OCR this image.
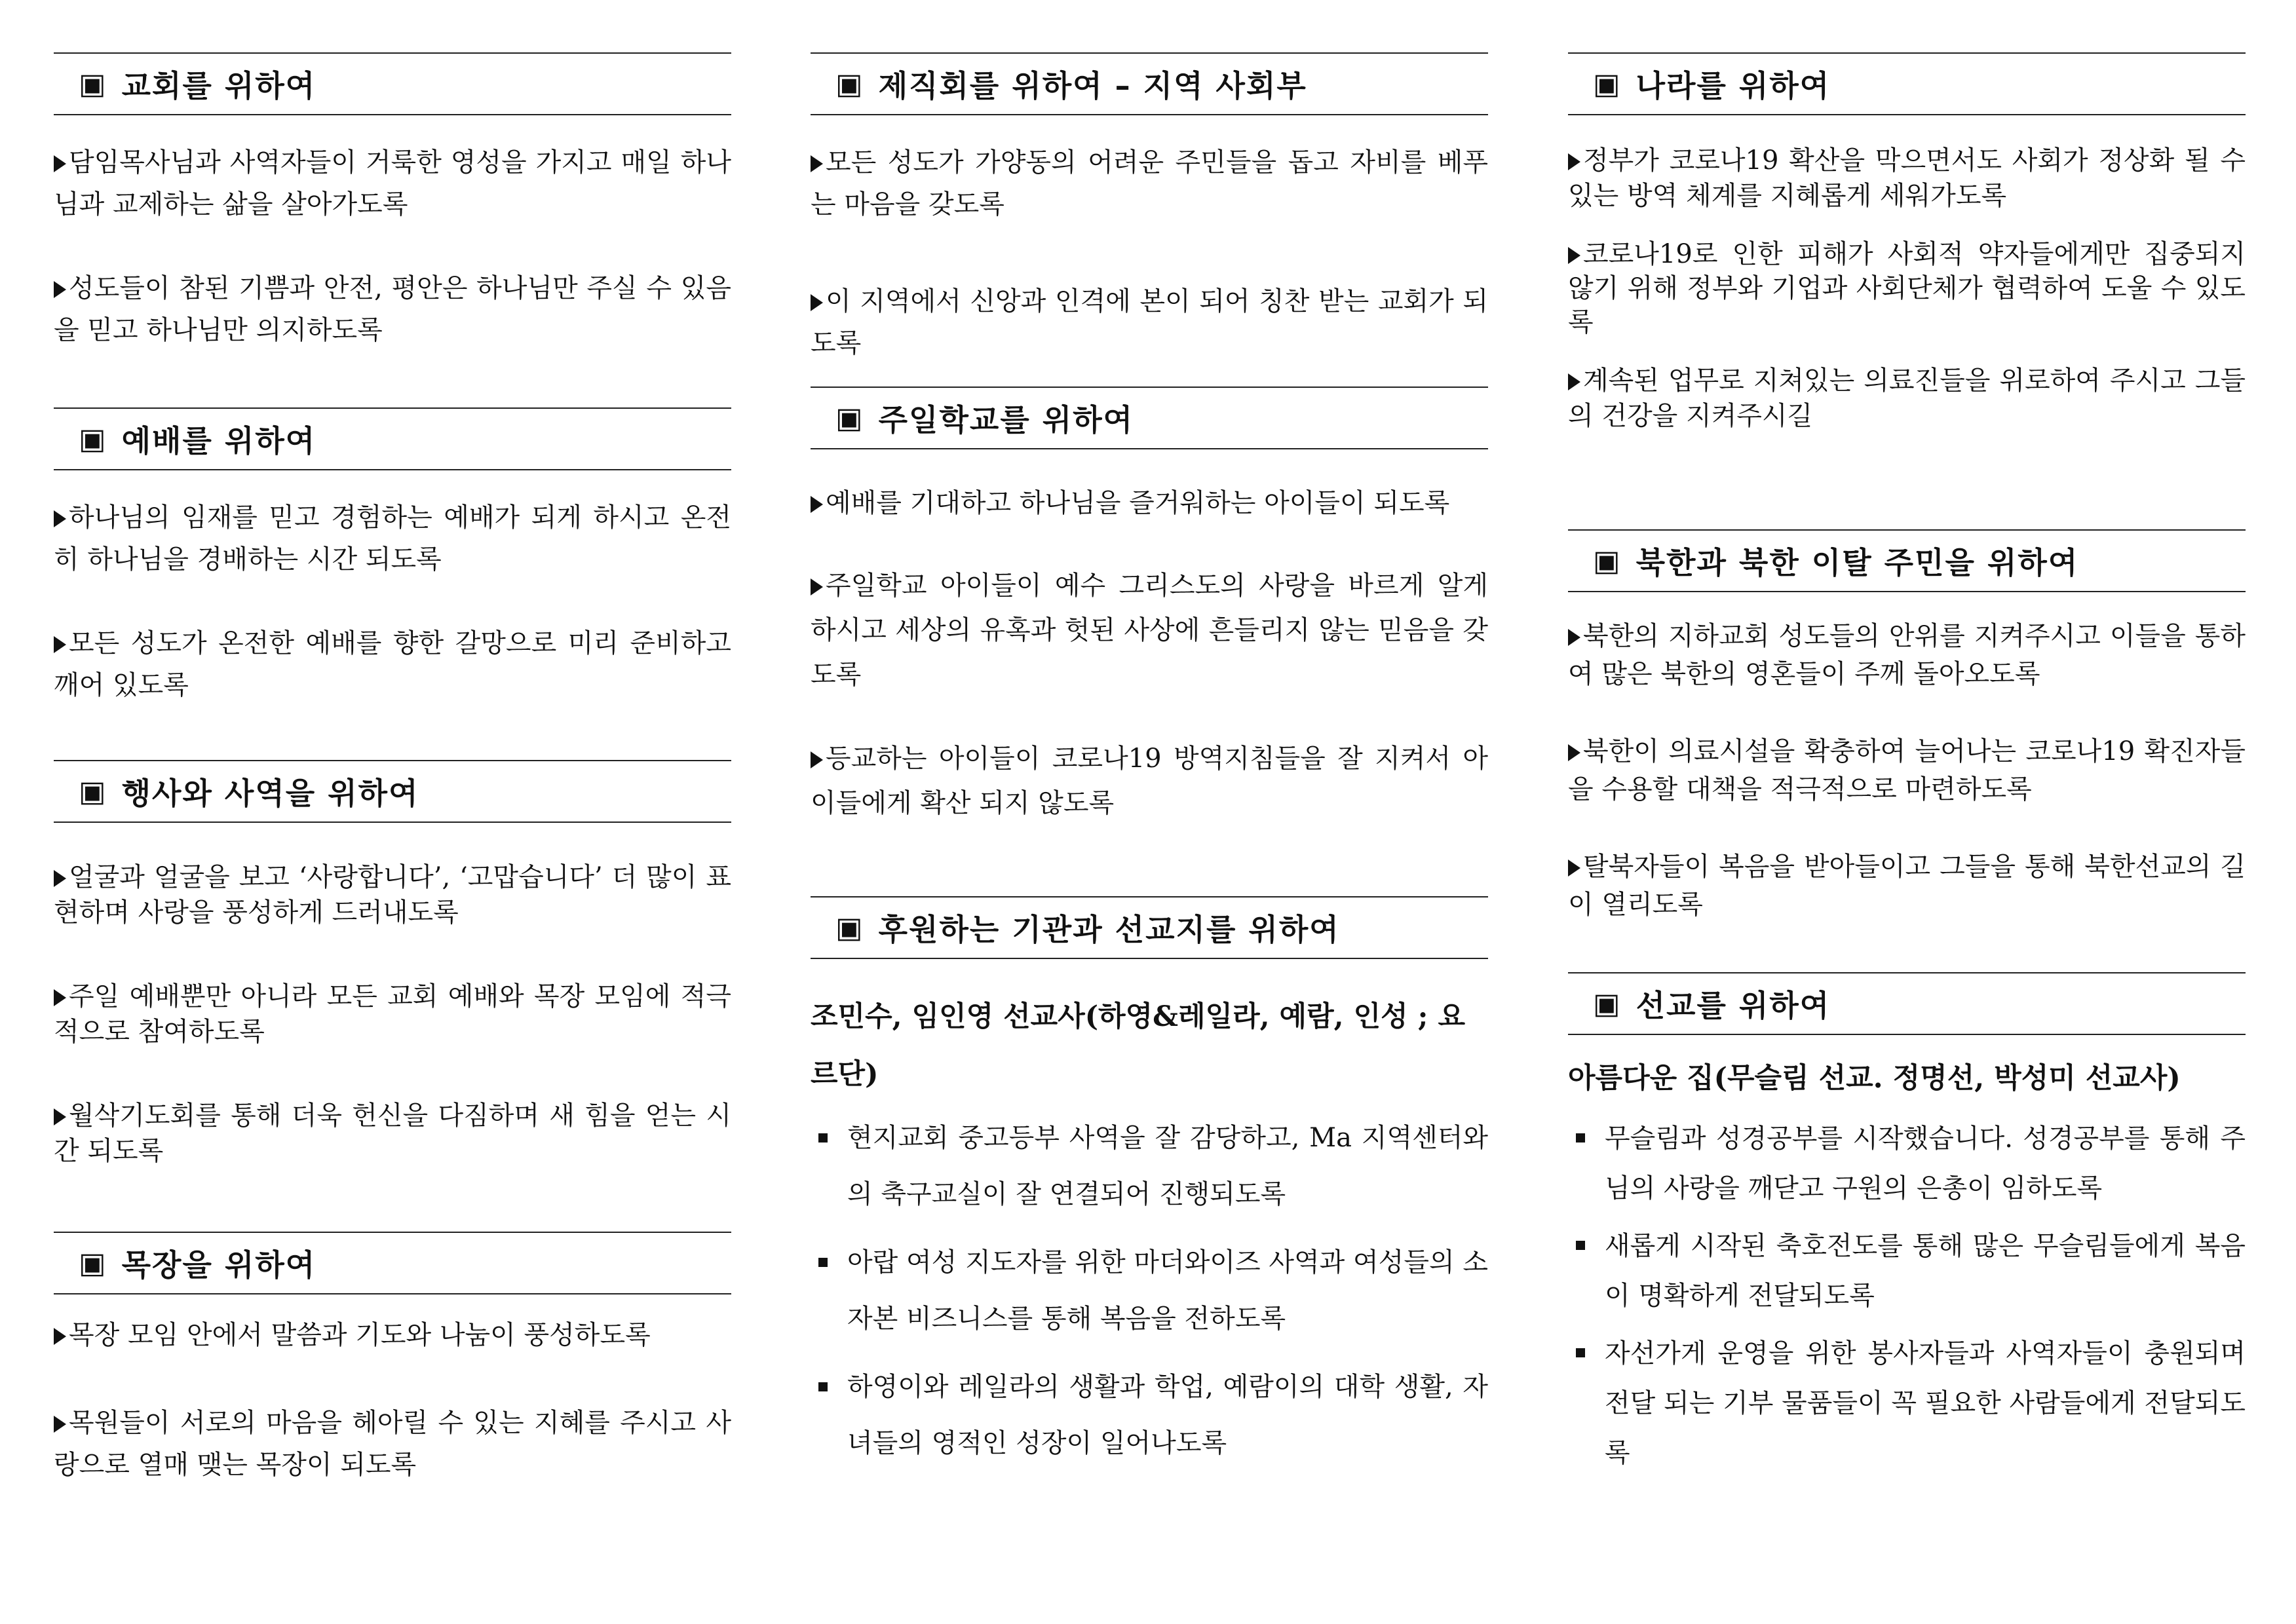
▣ 교회를 위하여
담임목사님과 사역자들이 거룩한 영성을 가지고 매일 하나님과 교제하는 삶을 살아가도록
성도들이 참된 기쁨과 안전, 평안은 하나님만 주실 수 있음을 믿고 하나님만 의지하도록
▣ 예배를 위하여
하나님의 임재를 믿고 경험하는 예배가 되게 하시고 온전히 하나님을 경배하는 시간 되도록
모든 성도가 온전한 예배를 향한 갈망으로 미리 준비하고 깨어 있도록
▣ 행사와 사역을 위하여
얼굴과 얼굴을 보고 ‘사랑합니다’, ‘고맙습니다’ 더 많이 표현하며 사랑을 풍성하게 드러내도록
주일 예배뿐만 아니라 모든 교회 예배와 목장 모임에 적극적으로 참여하도록
월삭기도회를 통해 더욱 헌신을 다짐하며 새 힘을 얻는 시간 되도록
▣ 목장을 위하여
목장 모임 안에서 말씀과 기도와 나눔이 풍성하도록
목원들이 서로의 마음을 헤아릴 수 있는 지혜를 주시고 사랑으로 열매 맺는 목장이 되도록
▣ 제직회를 위하여 – 지역 사회부
모든 성도가 가양동의 어려운 주민들을 돕고 자비를 베푸는 마음을 갖도록
이 지역에서 신앙과 인격에 본이 되어 칭찬 받는 교회가 되도록
▣ 주일학교를 위하여
예배를 기대하고 하나님을 즐거워하는 아이들이 되도록
주일학교 아이들이 예수 그리스도의 사랑을 바르게 알게 하시고 세상의 유혹과 헛된 사상에 흔들리지 않는 믿음을 갖도록
등교하는 아이들이 코로나19 방역지침들을 잘 지켜서 아이들에게 확산 되지 않도록
▣ 후원하는 기관과 선교지를 위하여
조민수, 임인영 선교사(하영&레일라, 예람, 인성 ; 요르단)
현지교회 중고등부 사역을 잘 감당하고, Ma 지역센터와의 축구교실이 잘 연결되어 진행되도록
아랍 여성 지도자를 위한 마더와이즈 사역과 여성들의 소자본 비즈니스를 통해 복음을 전하도록
하영이와 레일라의 생활과 학업, 예람이의 대학 생활, 자녀들의 영적인 성장이 일어나도록
▣ 나라를 위하여
정부가 코로나19 확산을 막으면서도 사회가 정상화 될 수 있는 방역 체계를 지혜롭게 세워가도록
코로나19로 인한 피해가 사회적 약자들에게만 집중되지 않기 위해 정부와 기업과 사회단체가 협력하여 도울 수 있도록
계속된 업무로 지쳐있는 의료진들을 위로하여 주시고 그들의 건강을 지켜주시길
▣ 북한과 북한 이탈 주민을 위하여
북한의 지하교회 성도들의 안위를 지켜주시고 이들을 통하여 많은 북한의 영혼들이 주께 돌아오도록
북한이 의료시설을 확충하여 늘어나는 코로나19 확진자들을 수용할 대책을 적극적으로 마련하도록
탈북자들이 복음을 받아들이고 그들을 통해 북한선교의 길이 열리도록
▣ 선교를 위하여
아름다운 집(무슬림 선교. 정명선, 박성미 선교사)
무슬림과 성경공부를 시작했습니다. 성경공부를 통해 주님의 사랑을 깨닫고 구원의 은총이 임하도록
새롭게 시작된 축호전도를 통해 많은 무슬림들에게 복음이 명확하게 전달되도록
자선가게 운영을 위한 봉사자들과 사역자들이 충원되며 전달 되는 기부 물품들이 꼭 필요한 사람들에게 전달되도록
